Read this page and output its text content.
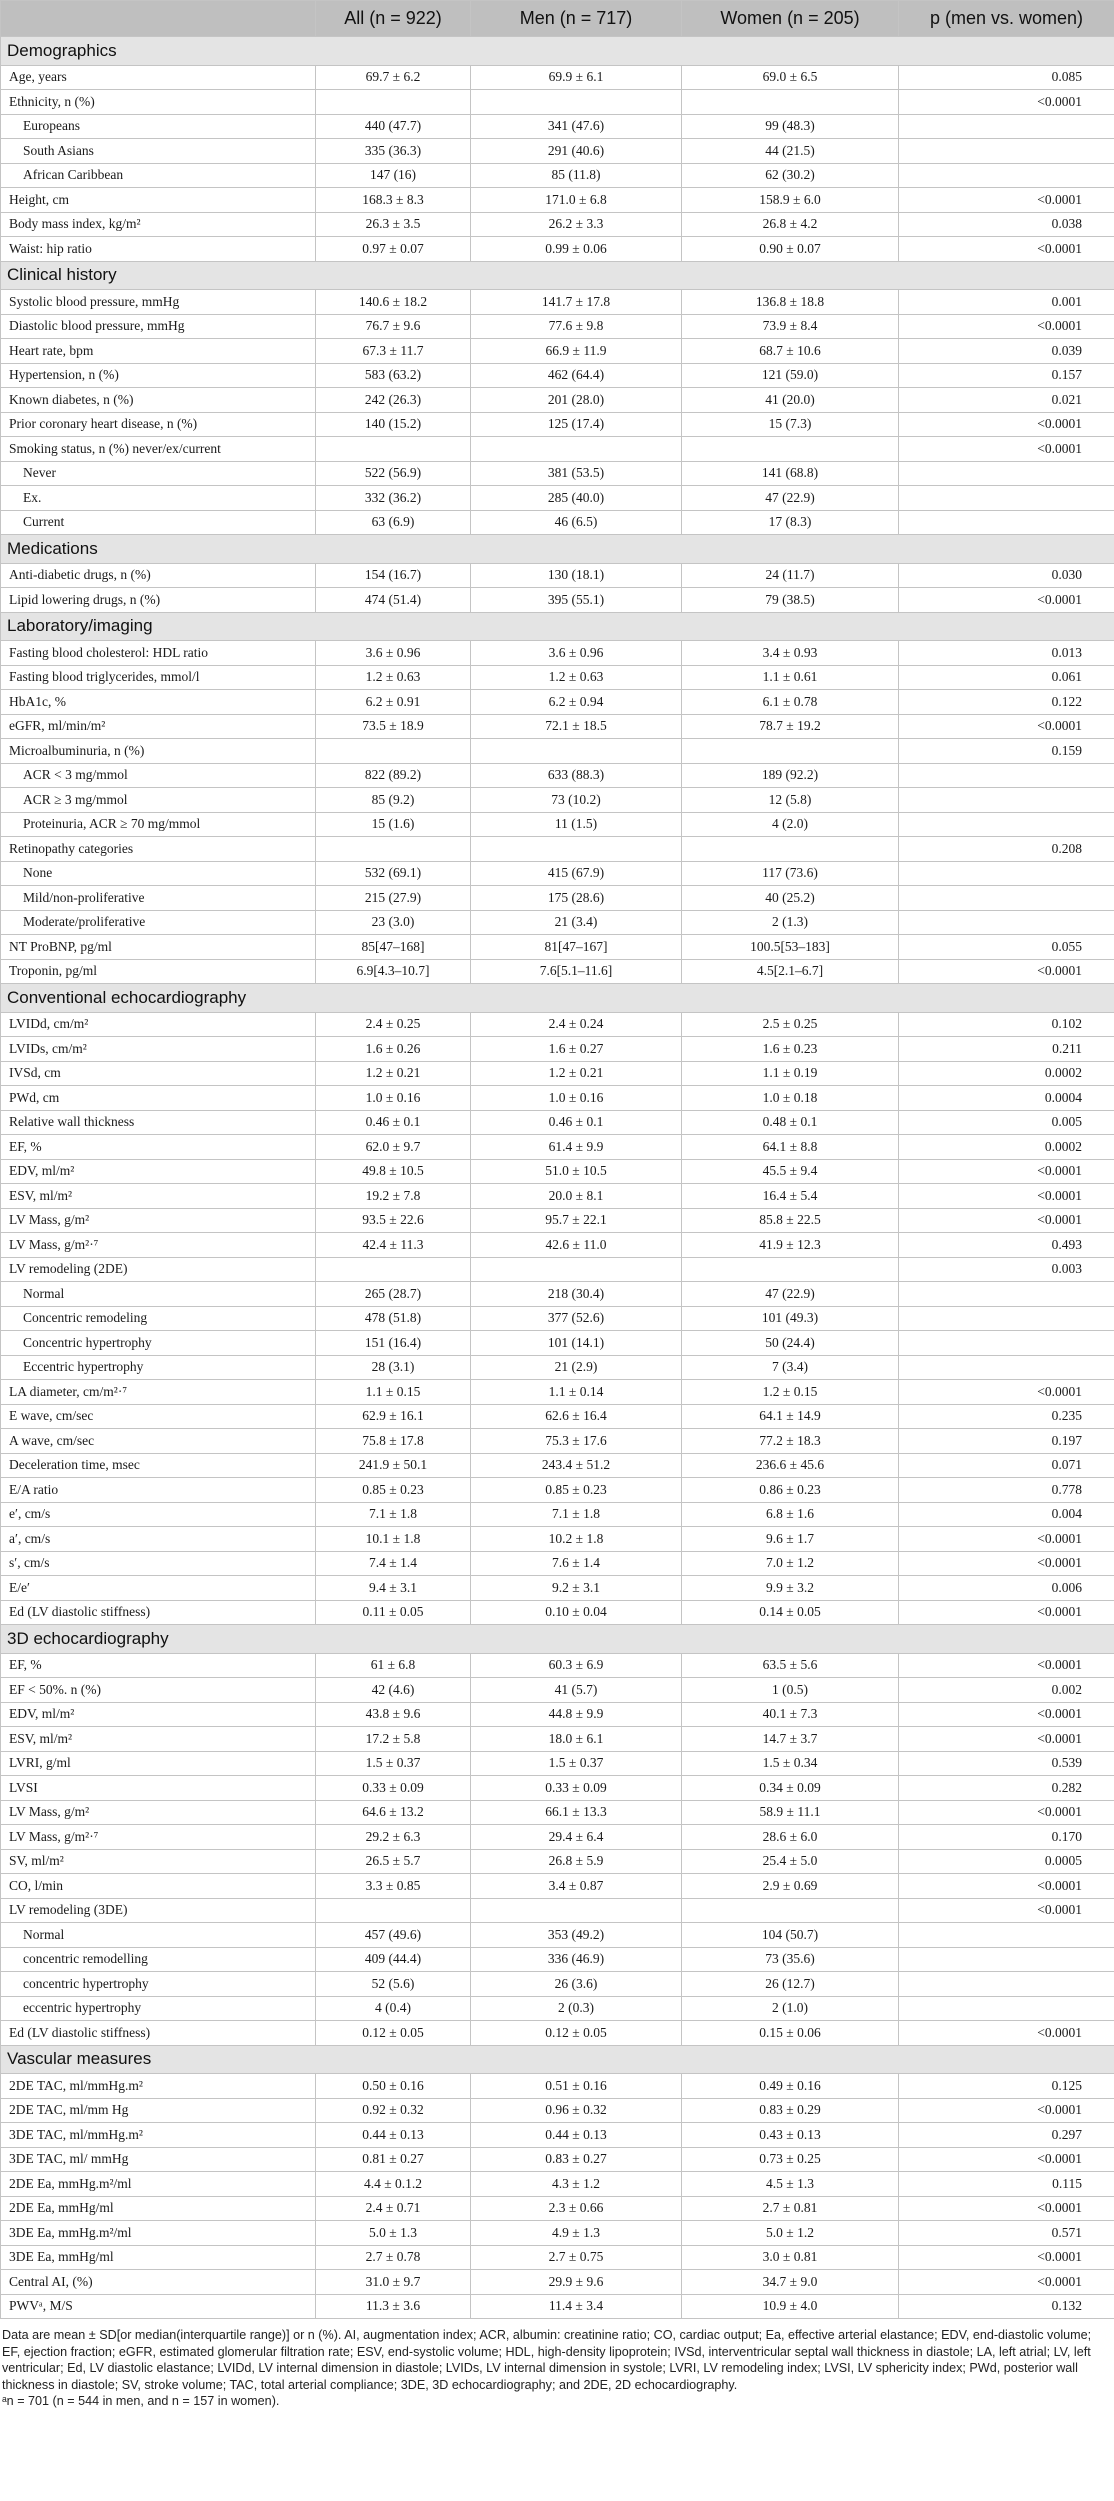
	All (n = 922)	Men (n = 717)	Women (n = 205)	p (men vs. women)
Demographics				
Age, years	69.7 ± 6.2	69.9 ± 6.1	69.0 ± 6.5	0.085
Ethnicity, n (%)				<0.0001
Europeans	440 (47.7)	341 (47.6)	99 (48.3)	
South Asians	335 (36.3)	291 (40.6)	44 (21.5)	
African Caribbean	147 (16)	85 (11.8)	62 (30.2)	
Height, cm	168.3 ± 8.3	171.0 ± 6.8	158.9 ± 6.0	<0.0001
Body mass index, kg/m²	26.3 ± 3.5	26.2 ± 3.3	26.8 ± 4.2	0.038
Waist: hip ratio	0.97 ± 0.07	0.99 ± 0.06	0.90 ± 0.07	<0.0001
Clinical history				
Systolic blood pressure, mmHg	140.6 ± 18.2	141.7 ± 17.8	136.8 ± 18.8	0.001
Diastolic blood pressure, mmHg	76.7 ± 9.6	77.6 ± 9.8	73.9 ± 8.4	<0.0001
Heart rate, bpm	67.3 ± 11.7	66.9 ± 11.9	68.7 ± 10.6	0.039
Hypertension, n (%)	583 (63.2)	462 (64.4)	121 (59.0)	0.157
Known diabetes, n (%)	242 (26.3)	201 (28.0)	41 (20.0)	0.021
Prior coronary heart disease, n (%)	140 (15.2)	125 (17.4)	15 (7.3)	<0.0001
Smoking status, n (%) never/ex/current				<0.0001
Never	522 (56.9)	381 (53.5)	141 (68.8)	
Ex.	332 (36.2)	285 (40.0)	47 (22.9)	
Current	63 (6.9)	46 (6.5)	17 (8.3)	
Medications				
Anti-diabetic drugs, n (%)	154 (16.7)	130 (18.1)	24 (11.7)	0.030
Lipid lowering drugs, n (%)	474 (51.4)	395 (55.1)	79 (38.5)	<0.0001
Laboratory/imaging				
Fasting blood cholesterol: HDL ratio	3.6 ± 0.96	3.6 ± 0.96	3.4 ± 0.93	0.013
Fasting blood triglycerides, mmol/l	1.2 ± 0.63	1.2 ± 0.63	1.1 ± 0.61	0.061
HbA1c, %	6.2 ± 0.91	6.2 ± 0.94	6.1 ± 0.78	0.122
eGFR, ml/min/m²	73.5 ± 18.9	72.1 ± 18.5	78.7 ± 19.2	<0.0001
Microalbuminuria, n (%)				0.159
ACR < 3 mg/mmol	822 (89.2)	633 (88.3)	189 (92.2)	
ACR ≥ 3 mg/mmol	85 (9.2)	73 (10.2)	12 (5.8)	
Proteinuria, ACR ≥ 70 mg/mmol	15 (1.6)	11 (1.5)	4 (2.0)	
Retinopathy categories				0.208
None	532 (69.1)	415 (67.9)	117 (73.6)	
Mild/non-proliferative	215 (27.9)	175 (28.6)	40 (25.2)	
Moderate/proliferative	23 (3.0)	21 (3.4)	2 (1.3)	
NT ProBNP, pg/ml	85[47–168]	81[47–167]	100.5[53–183]	0.055
Troponin, pg/ml	6.9[4.3–10.7]	7.6[5.1–11.6]	4.5[2.1–6.7]	<0.0001
Conventional echocardiography				
LVIDd, cm/m²	2.4 ± 0.25	2.4 ± 0.24	2.5 ± 0.25	0.102
LVIDs, cm/m²	1.6 ± 0.26	1.6 ± 0.27	1.6 ± 0.23	0.211
IVSd, cm	1.2 ± 0.21	1.2 ± 0.21	1.1 ± 0.19	0.0002
PWd, cm	1.0 ± 0.16	1.0 ± 0.16	1.0 ± 0.18	0.0004
Relative wall thickness	0.46 ± 0.1	0.46 ± 0.1	0.48 ± 0.1	0.005
EF, %	62.0 ± 9.7	61.4 ± 9.9	64.1 ± 8.8	0.0002
EDV, ml/m²	49.8 ± 10.5	51.0 ± 10.5	45.5 ± 9.4	<0.0001
ESV, ml/m²	19.2 ± 7.8	20.0 ± 8.1	16.4 ± 5.4	<0.0001
LV Mass, g/m²	93.5 ± 22.6	95.7 ± 22.1	85.8 ± 22.5	<0.0001
LV Mass, g/m²·⁷	42.4 ± 11.3	42.6 ± 11.0	41.9 ± 12.3	0.493
LV remodeling (2DE)				0.003
Normal	265 (28.7)	218 (30.4)	47 (22.9)	
Concentric remodeling	478 (51.8)	377 (52.6)	101 (49.3)	
Concentric hypertrophy	151 (16.4)	101 (14.1)	50 (24.4)	
Eccentric hypertrophy	28 (3.1)	21 (2.9)	7 (3.4)	
LA diameter, cm/m²·⁷	1.1 ± 0.15	1.1 ± 0.14	1.2 ± 0.15	<0.0001
E wave, cm/sec	62.9 ± 16.1	62.6 ± 16.4	64.1 ± 14.9	0.235
A wave, cm/sec	75.8 ± 17.8	75.3 ± 17.6	77.2 ± 18.3	0.197
Deceleration time, msec	241.9 ± 50.1	243.4 ± 51.2	236.6 ± 45.6	0.071
E/A ratio	0.85 ± 0.23	0.85 ± 0.23	0.86 ± 0.23	0.778
e′, cm/s	7.1 ± 1.8	7.1 ± 1.8	6.8 ± 1.6	0.004
a′, cm/s	10.1 ± 1.8	10.2 ± 1.8	9.6 ± 1.7	<0.0001
s′, cm/s	7.4 ± 1.4	7.6 ± 1.4	7.0 ± 1.2	<0.0001
E/e′	9.4 ± 3.1	9.2 ± 3.1	9.9 ± 3.2	0.006
Ed (LV diastolic stiffness)	0.11 ± 0.05	0.10 ± 0.04	0.14 ± 0.05	<0.0001
3D echocardiography				
EF, %	61 ± 6.8	60.3 ± 6.9	63.5 ± 5.6	<0.0001
EF < 50%. n (%)	42 (4.6)	41 (5.7)	1 (0.5)	0.002
EDV, ml/m²	43.8 ± 9.6	44.8 ± 9.9	40.1 ± 7.3	<0.0001
ESV, ml/m²	17.2 ± 5.8	18.0 ± 6.1	14.7 ± 3.7	<0.0001
LVRI, g/ml	1.5 ± 0.37	1.5 ± 0.37	1.5 ± 0.34	0.539
LVSI	0.33 ± 0.09	0.33 ± 0.09	0.34 ± 0.09	0.282
LV Mass, g/m²	64.6 ± 13.2	66.1 ± 13.3	58.9 ± 11.1	<0.0001
LV Mass, g/m²·⁷	29.2 ± 6.3	29.4 ± 6.4	28.6 ± 6.0	0.170
SV, ml/m²	26.5 ± 5.7	26.8 ± 5.9	25.4 ± 5.0	0.0005
CO, l/min	3.3 ± 0.85	3.4 ± 0.87	2.9 ± 0.69	<0.0001
LV remodeling (3DE)				<0.0001
Normal	457 (49.6)	353 (49.2)	104 (50.7)	
concentric remodelling	409 (44.4)	336 (46.9)	73 (35.6)	
concentric hypertrophy	52 (5.6)	26 (3.6)	26 (12.7)	
eccentric hypertrophy	4 (0.4)	2 (0.3)	2 (1.0)	
Ed (LV diastolic stiffness)	0.12 ± 0.05	0.12 ± 0.05	0.15 ± 0.06	<0.0001
Vascular measures				
2DE TAC, ml/mmHg.m²	0.50 ± 0.16	0.51 ± 0.16	0.49 ± 0.16	0.125
2DE TAC, ml/mm Hg	0.92 ± 0.32	0.96 ± 0.32	0.83 ± 0.29	<0.0001
3DE TAC, ml/mmHg.m²	0.44 ± 0.13	0.44 ± 0.13	0.43 ± 0.13	0.297
3DE TAC, ml/ mmHg	0.81 ± 0.27	0.83 ± 0.27	0.73 ± 0.25	<0.0001
2DE Ea, mmHg.m²/ml	4.4 ± 0.1.2	4.3 ± 1.2	4.5 ± 1.3	0.115
2DE Ea, mmHg/ml	2.4 ± 0.71	2.3 ± 0.66	2.7 ± 0.81	<0.0001
3DE Ea, mmHg.m²/ml	5.0 ± 1.3	4.9 ± 1.3	5.0 ± 1.2	0.571
3DE Ea, mmHg/ml	2.7 ± 0.78	2.7 ± 0.75	3.0 ± 0.81	<0.0001
Central AI, (%)	31.0 ± 9.7	29.9 ± 9.6	34.7 ± 9.0	<0.0001
PWVᵃ, M/S	11.3 ± 3.6	11.4 ± 3.4	10.9 ± 4.0	0.132

Data are mean ± SD[or median(interquartile range)] or n (%). AI, augmentation index; ACR, albumin: creatinine ratio; CO, cardiac output; Ea, effective arterial elastance; EDV, end-diastolic volume; EF, ejection fraction; eGFR, estimated glomerular filtration rate; ESV, end-systolic volume; HDL, high-density lipoprotein; IVSd, interventricular septal wall thickness in diastole; LA, left atrial; LV, left ventricular; Ed, LV diastolic elastance; LVIDd, LV internal dimension in diastole; LVIDs, LV internal dimension in systole; LVRI, LV remodeling index; LVSI, LV sphericity index; PWd, posterior wall thickness in diastole; SV, stroke volume; TAC, total arterial compliance; 3DE, 3D echocardiography; and 2DE, 2D echocardiography.

ᵃn = 701 (n = 544 in men, and n = 157 in women).
